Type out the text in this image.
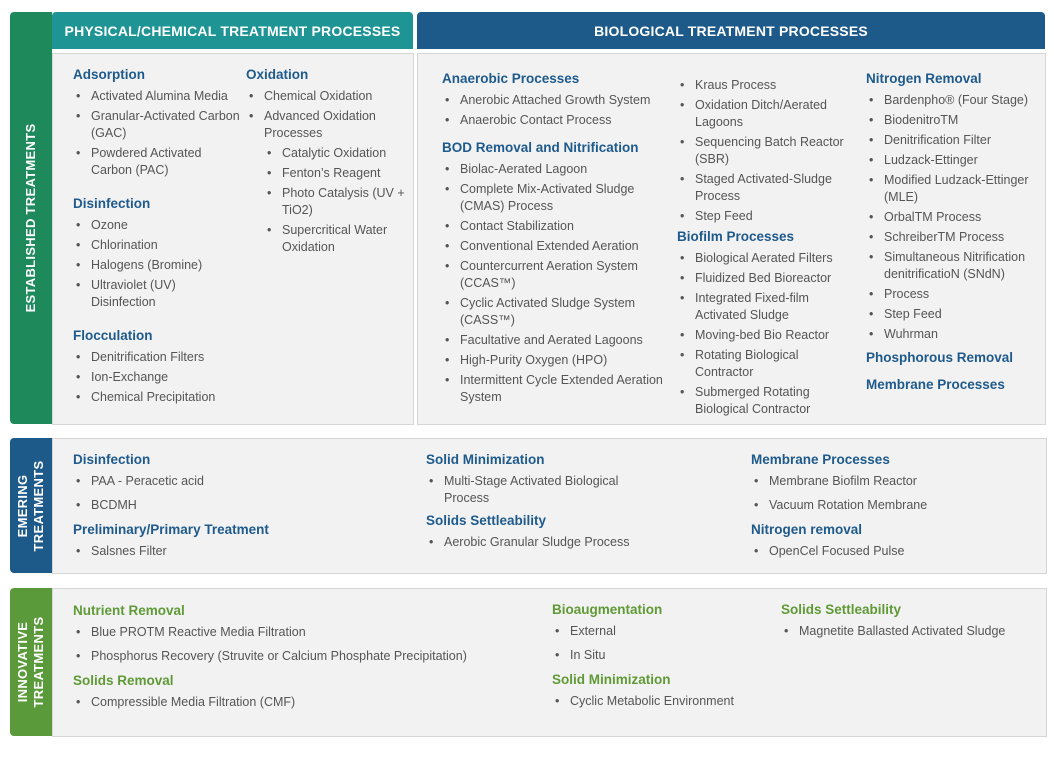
ESTABLISHED TREATMENTS
EMERING TREATMENTS
INNOVATIVE TREATMENTS
PHYSICAL/CHEMICAL TREATMENT PROCESSES	BIOLOGICAL TREATMENT PROCESSES
Adsorption
• Activated Alumina Media
• Granular-Activated Carbon (GAC)
• Powdered Activated Carbon (PAC)
Disinfection
• Ozone
• Chlorination
• Halogens (Bromine)
• Ultraviolet (UV) Disinfection
Flocculation
• Denitrification Filters
• Ion-Exchange
• Chemical Precipitation
Oxidation
• Chemical Oxidation
• Advanced Oxidation Processes
• Catalytic Oxidation
• Fenton’s Reagent
• Photo Catalysis (UV + TiO2)
• Supercritical Water Oxidation
Anaerobic Processes
• Anerobic Attached Growth System
• Anaerobic Contact Process
BOD Removal and Nitrification
• Biolac-Aerated Lagoon
• Complete Mix-Activated Sludge (CMAS) Process
• Contact Stabilization
• Conventional Extended Aeration
• Countercurrent Aeration System (CCAS™)
• Cyclic Activated Sludge System (CASS™)
• Facultative and Aerated Lagoons
• High-Purity Oxygen (HPO)
• Intermittent Cycle Extended Aeration System
• Kraus Process
• Oxidation Ditch/Aerated Lagoons
• Sequencing Batch Reactor (SBR)
• Staged Activated-Sludge Process
• Step Feed
Biofilm Processes
• Biological Aerated Filters
• Fluidized Bed Bioreactor
• Integrated Fixed-film Activated Sludge
• Moving-bed Bio Reactor
• Rotating Biological Contractor
• Submerged Rotating Biological Contractor
Nitrogen Removal
• Bardenpho® (Four Stage)
• BiodenitroTM
• Denitrification Filter
• Ludzack-Ettinger
• Modified Ludzack-Ettinger (MLE)
• OrbalTM Process
• SchreiberTM Process
• Simultaneous Nitrification denitrificatioN (SNdN)
• Process
• Step Feed
• Wuhrman
Phosphorous Removal
Membrane Processes
Disinfection
• PAA - Peracetic acid
• BCDMH
Preliminary/Primary Treatment
• Salsnes Filter
Solid Minimization
• Multi-Stage Activated Biological Process
Solids Settleability
• Aerobic Granular Sludge Process
Membrane Processes
• Membrane Biofilm Reactor
• Vacuum Rotation Membrane
Nitrogen removal
• OpenCel Focused Pulse
Nutrient Removal
• Blue PROTM Reactive Media Filtration
• Phosphorus Recovery (Struvite or Calcium Phosphate Precipitation)
Solids Removal
• Compressible Media Filtration (CMF)
Bioaugmentation
• External
• In Situ
Solid Minimization
• Cyclic Metabolic Environment
Solids Settleability
• Magnetite Ballasted Activated Sludge
